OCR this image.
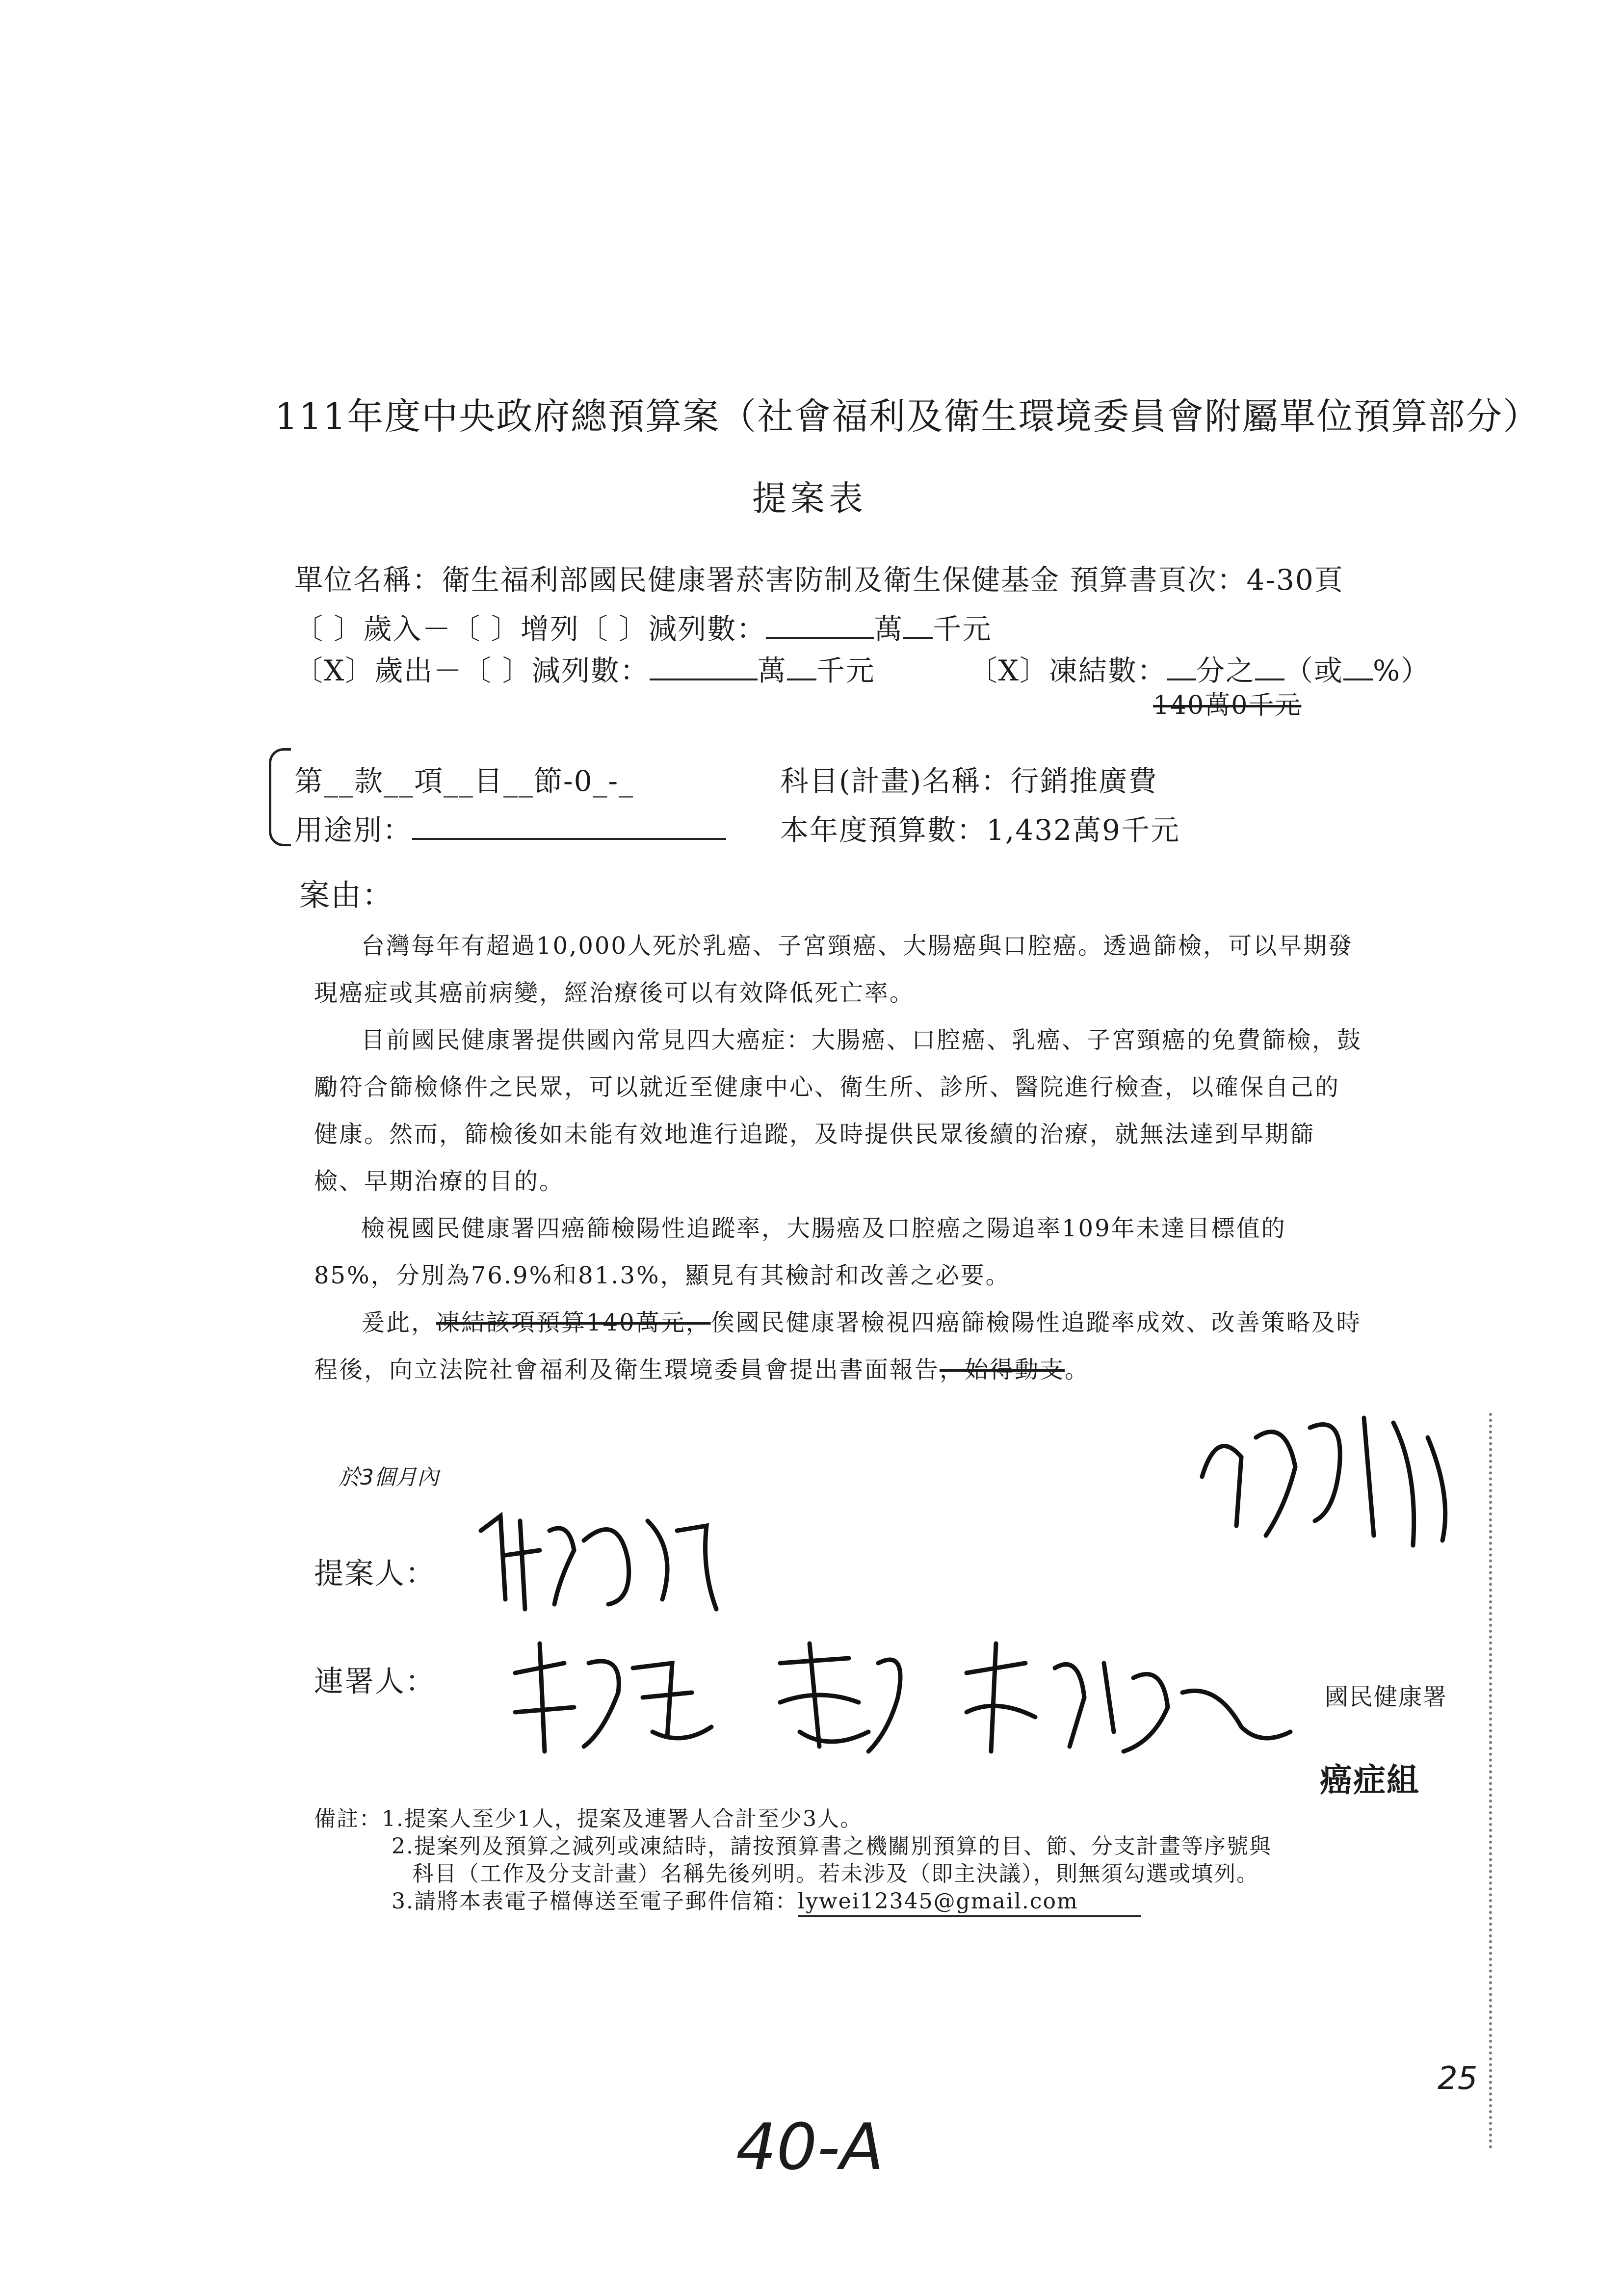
111年度中央政府總預算案（社會福利及衛生環境委員會附屬單位預算部分）
提案表
單位名稱：衛生福利部國民健康署菸害防制及衛生保健基金 預算書頁次：4-30頁
〔 〕歲入－〔 〕增列〔 〕減列數：	萬 千元
〔X〕歲出－〔 〕減列數：	萬 千元	〔X〕凍結數： 分之 （或 %）
140萬0千元
第__款__項__目__節-0_-_	科目(計畫)名稱：行銷推廣費
用途別：	本年度預算數：1,432萬9千元
案由：

台灣每年有超過10,000人死於乳癌、子宮頸癌、大腸癌與口腔癌。透過篩檢，可以早期發現癌症或其癌前病變，經治療後可以有效降低死亡率。

目前國民健康署提供國內常見四大癌症：大腸癌、口腔癌、乳癌、子宮頸癌的免費篩檢，鼓勵符合篩檢條件之民眾，可以就近至健康中心、衛生所、診所、醫院進行檢查，以確保自己的健康。然而，篩檢後如未能有效地進行追蹤，及時提供民眾後續的治療，就無法達到早期篩檢、早期治療的目的。

檢視國民健康署四癌篩檢陽性追蹤率，大腸癌及口腔癌之陽追率109年未達目標值的85%，分別為76.9%和81.3%，顯見有其檢討和改善之必要。

爰此，凍結該項預算140萬元，俟國民健康署檢視四癌篩檢陽性追蹤率成效、改善策略及時程後，向立法院社會福利及衛生環境委員會提出書面報告，始得動支。

於3個月內
提案人：
連署人：	國民健康署
癌症組
備註：1.提案人至少1人，提案及連署人合計至少3人。
2.提案列及預算之減列或凍結時，請按預算書之機關別預算的目、節、分支計畫等序號與
科目（工作及分支計畫）名稱先後列明。若未涉及（即主決議），則無須勾選或填列。
3.請將本表電子檔傳送至電子郵件信箱：lywei12345@gmail.com
25
40-A
